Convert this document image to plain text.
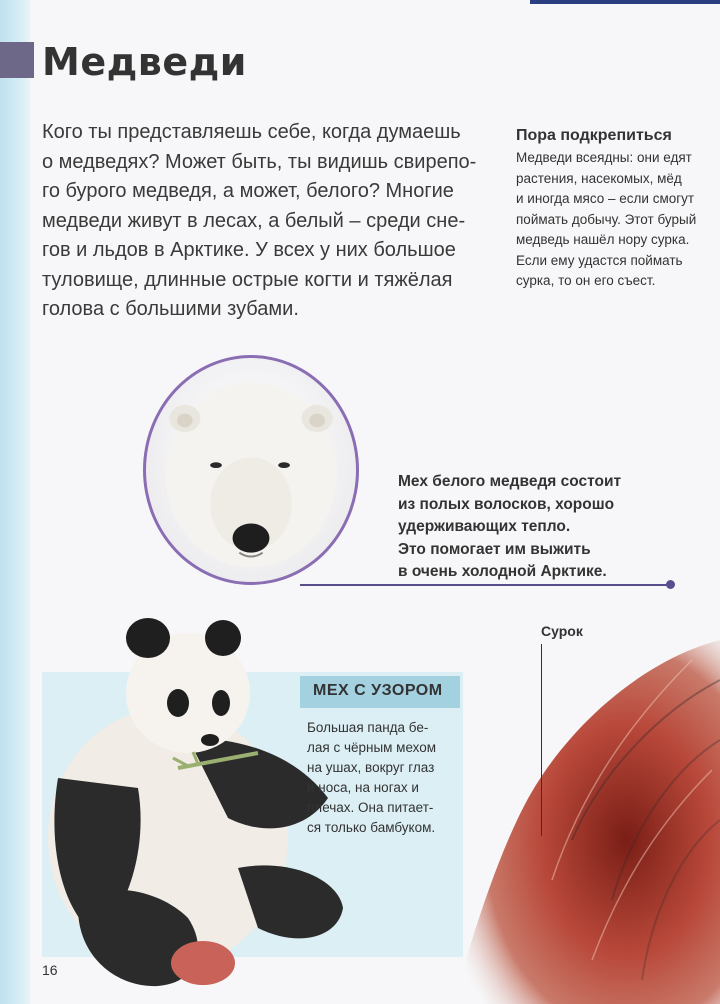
Медведи
Кого ты представляешь себе, когда думаешь
о медведях? Может быть, ты видишь свирепо-
го бурого медведя, а может, белого? Многие
медведи живут в лесах, а белый – среди сне-
гов и льдов в Арктике. У всех у них большое
туловище, длинные острые когти и тяжёлая
голова с большими зубами.
Пора подкрепиться
Медведи всеядны: они едят
растения, насекомых, мёд
и иногда мясо – если смогут
поймать добычу. Этот бурый
медведь нашёл нору сурка.
Если ему удастся поймать
сурка, то он его съест.
Мех белого медведя состоит
из полых волосков, хорошо
удерживающих тепло.
Это помогает им выжить
в очень холодной Арктике.
Сурок
МЕХ С УЗОРОМ
Большая панда бе-
лая с чёрным мехом
на ушах, вокруг глаз
и носа, на ногах и
плечах. Она питает-
ся только бамбуком.
16
